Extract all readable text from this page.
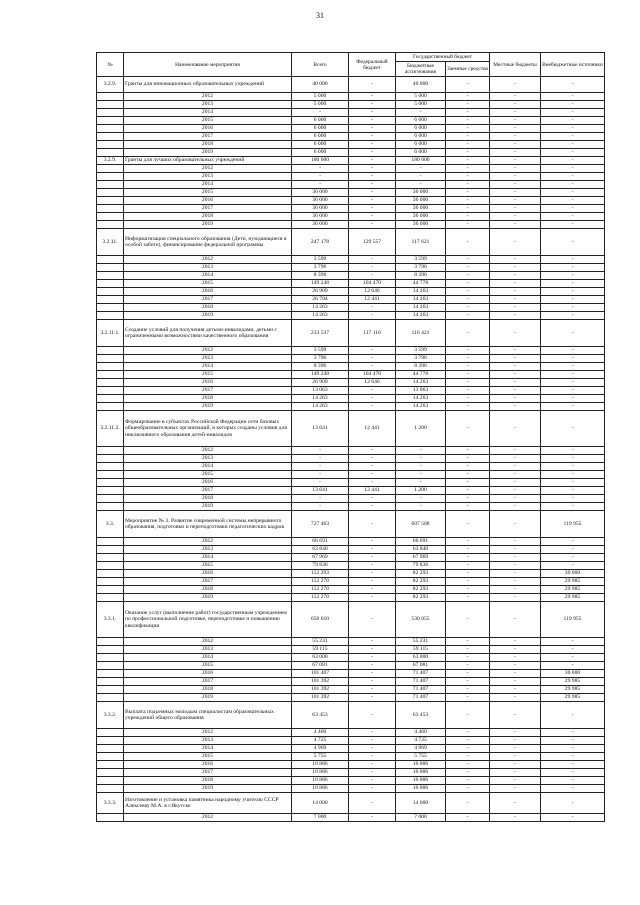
31
№	Наименование мероприятия	Всего	Федеральный бюджет	Государственный бюджет		Местные бюджеты	Внебюджетные источники
				Бюджетные ассигнования	Заемные средства		
3.2.9.	Гранты для инновационных образовательных учреждений	40 000	-	40 000	-	-	-
	2012	5 000	-	5 000	-	-	-
	2013	5 000	-	5 000	-	-	-
	2014	-	-	-	-	-	-
	2015	6 000	-	6 000	-	-	-
	2016	6 000	-	6 000	-	-	-
	2017	6 000	-	6 000	-	-	-
	2018	6 000	-	6 000	-	-	-
	2019	6 000	-	6 000	-	-	-
3.2.9.	Гранты для лучших образовательных учреждений	180 000	-	180 000	-	-	-
	2012	-	-	-	-	-	-
	2013	-	-	-	-	-	-
	2014	-	-	-	-	-	-
	2015	36 000	-	36 000	-	-	-
	2016	36 000	-	36 000	-	-	-
	2017	36 000	-	36 000	-	-	-
	2018	36 000	-	36 000	-	-	-
	2019	36 000	-	36 000	-	-	-
3.2.11.	Информатизация специального образования (Дети, нуждающиеся в особой заботе), финансирование федеральной программы	247 178	129 557	117 621	-	-	-
	2012	3 599	-	3 599	-	-	-
	2013	3 796	-	3 796	-	-	-
	2014	8 396	-	8 396	-	-	-
	2015	149 248	104 470	44 778	-	-	-
	2016	26 909	12 646	14 263	-	-	-
	2017	26 704	12 441	14 263	-	-	-
	2018	14 263	-	14 263	-	-	-
	2019	14 263	-	14 263	-	-	-
3.2.11.1.	Создание условий для получения детьми-инвалидами, детьми с ограниченными возможностями качественного образования	233 537	117 116	116 421	-	-	-
	2012	3 599	-	3 599	-	-	-
	2013	3 796	-	3 796	-	-	-
	2014	8 396	-	8 396	-	-	-
	2015	149 248	104 470	44 778	-	-	-
	2016	26 909	12 646	14 263	-	-	-
	2017	13 063	-	13 063	-	-	-
	2018	14 263	-	14 263	-	-	-
	2019	14 263	-	14 263	-	-	-
3.2.11.2.	Формирование в субъектах Российской Федерации сети базовых общеобразовательных организаций, в которых созданы условия для инклюзивного образования детей-инвалидов	13 641	12 441	1 200	-	-	-
	2012	-	-	-	-	-	-
	2013	-	-	-	-	-	-
	2014	-	-	-	-	-	-
	2015	-	-	-	-	-	-
	2016	-	-	-	-	-	-
	2017	13 641	12 441	1 200	-	-	-
	2018	-	-	-	-	-	-
	2019	-	-	-	-	-	-
3.3.	Мероприятие № 3. Развитие современной системы непрерывного образования, подготовки и переподготовки педагогических кадров	727 463	-	607 508	-	-	119 955
	2012	66 691	-	66 691	-	-	-
	2013	63 840	-	63 840	-	-	-
	2014	67 969	-	67 969	-	-	-
	2015	79 836	-	79 836	-	-	-
	2016	112 293	-	82 293	-	-	30 000
	2017	112 278	-	82 293	-	-	29 985
	2018	112 278	-	82 293	-	-	29 985
	2019	112 278	-	82 293	-	-	29 985
3.3.1.	Оказание услуг (выполнение работ) государственным учреждением по профессиональной подготовке, переподготовке и повышению квалификации	650 010	-	530 055	-	-	119 955
	2012	55 231	-	55 231	-	-	-
	2013	59 115	-	59 115	-	-	-
	2014	63 000	-	63 000	-	-	-
	2015	67 081	-	67 081	-	-	-
	2016	101 407	-	71 407	-	-	30 000
	2017	101 392	-	71 407	-	-	29 985
	2018	101 392	-	71 407	-	-	29 985
	2019	101 392	-	71 407	-	-	29 985
3.3.2.	Выплата подъемных молодым специалистам образовательных учреждений общего образования	63 453	-	63 453	-	-	-
	2012	4 460	-	4 460	-	-	-
	2013	4 725	-	4 725	-	-	-
	2014	4 969	-	4 969	-	-	-
	2015	5 755	-	5 755	-	-	-
	2016	10 886	-	10 886	-	-	-
	2017	10 886	-	10 886	-	-	-
	2018	10 886	-	10 886	-	-	-
	2019	10 886	-	10 886	-	-	-
3.3.3.	Изготовление и установка памятника народному учителю СССР Алексееву М.А. в г.Якутске	14 000	-	14 000	-	-	-
	2012	7 000	-	7 000	-	-	-
